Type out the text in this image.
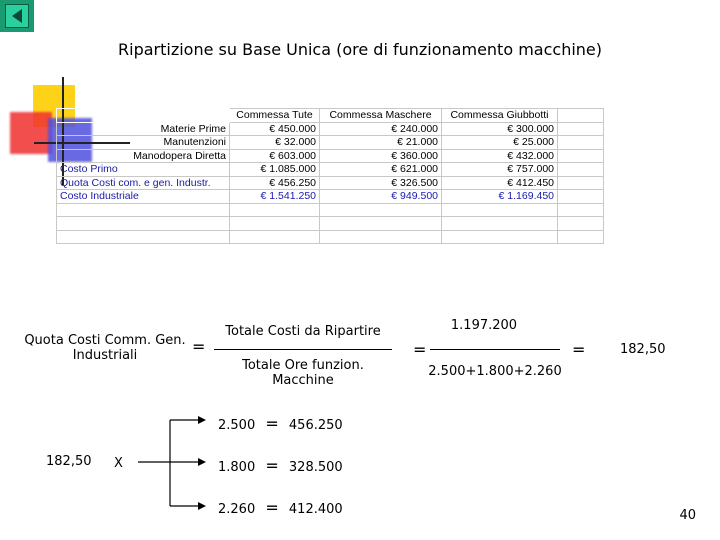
Ripartizione su Base Unica (ore di funzionamento macchine)
	Commessa Tute	Commessa Maschere	Commessa Giubbotti	
Materie Prime	€ 450.000	€ 240.000	€ 300.000	
Manutenzioni	€ 32.000	€ 21.000	€ 25.000	
Manodopera Diretta	€ 603.000	€ 360.000	€ 432.000	
Costo Primo	€ 1.085.000	€ 621.000	€ 757.000	
Quota Costi com. e gen. Industr.	€ 456.250	€ 326.500	€ 412.450	
Costo Industriale	€ 1.541.250	€ 949.500	€ 1.169.450	

Quota Costi Comm. Gen.
Industriali	=
Totale Costi da Ripartire
Totale Ore funzion.
Macchine
=
1.197.200
2.500+1.800+2.260
=	182,50
182,50 X
2.500 = 456.250
1.800 = 328.500
2.260 = 412.400	40
